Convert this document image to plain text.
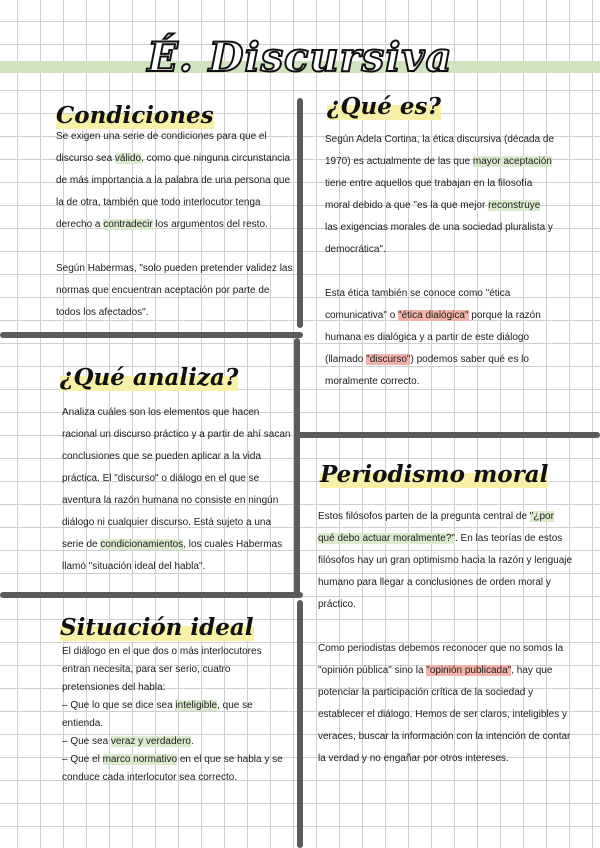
É. Discursiva
Condiciones

Se exigen una serie de condiciones para que el discurso sea válido, como que ninguna circunstancia de más importancia a la palabra de una persona que la de otra, también que todo interlocutor tenga derecho a contradecir los argumentos del resto.

Según Habermas, "solo pueden pretender validez las normas que encuentran aceptación por parte de todos los afectados".

¿Qué es?

Según Adela Cortina, la ética discursiva (década de 1970) es actualmente de las que mayor aceptación tiene entre aquellos que trabajan en la filosofía moral debido a que "es la que mejor reconstruye las exigencias morales de una sociedad pluralista y democrática".

Esta ética también se conoce como "ética comunicativa" o "ética dialógica" porque la razón humana es dialógica y a partir de este diálogo (llamado "discurso") podemos saber qué es lo moralmente correcto.

¿Qué analiza?

Analiza cuáles son los elementos que hacen racional un discurso práctico y a partir de ahí sacan conclusiones que se pueden aplicar a la vida práctica. El "discurso" o diálogo en el que se aventura la razón humana no consiste en ningún diálogo ni cualquier discurso. Está sujeto a una serie de condicionamientos, los cuales Habermas llamó "situación ideal del habla".

Periodismo moral

Estos filósofos parten de la pregunta central de "¿por qué debo actuar moralmente?". En las teorías de estos filósofos hay un gran optimismo hacia la razón y lenguaje humano para llegar a conclusiones de orden moral y práctico.

Como periodistas debemos reconocer que no somos la "opinión pública" sino la "opinión publicada", hay que potenciar la participación crítica de la sociedad y establecer el diálogo. Hemos de ser claros, inteligibles y veraces, buscar la información con la intención de contar la verdad y no engañar por otros intereses.

Situación ideal

El diálogo en el que dos o más interlocutores entran necesita, para ser serio, cuatro pretensiones del habla:

– Que lo que se dice sea inteligible, que se entienda.

– Que sea veraz y verdadero.

– Que el marco normativo en el que se habla y se conduce cada interlocutor sea correcto.
